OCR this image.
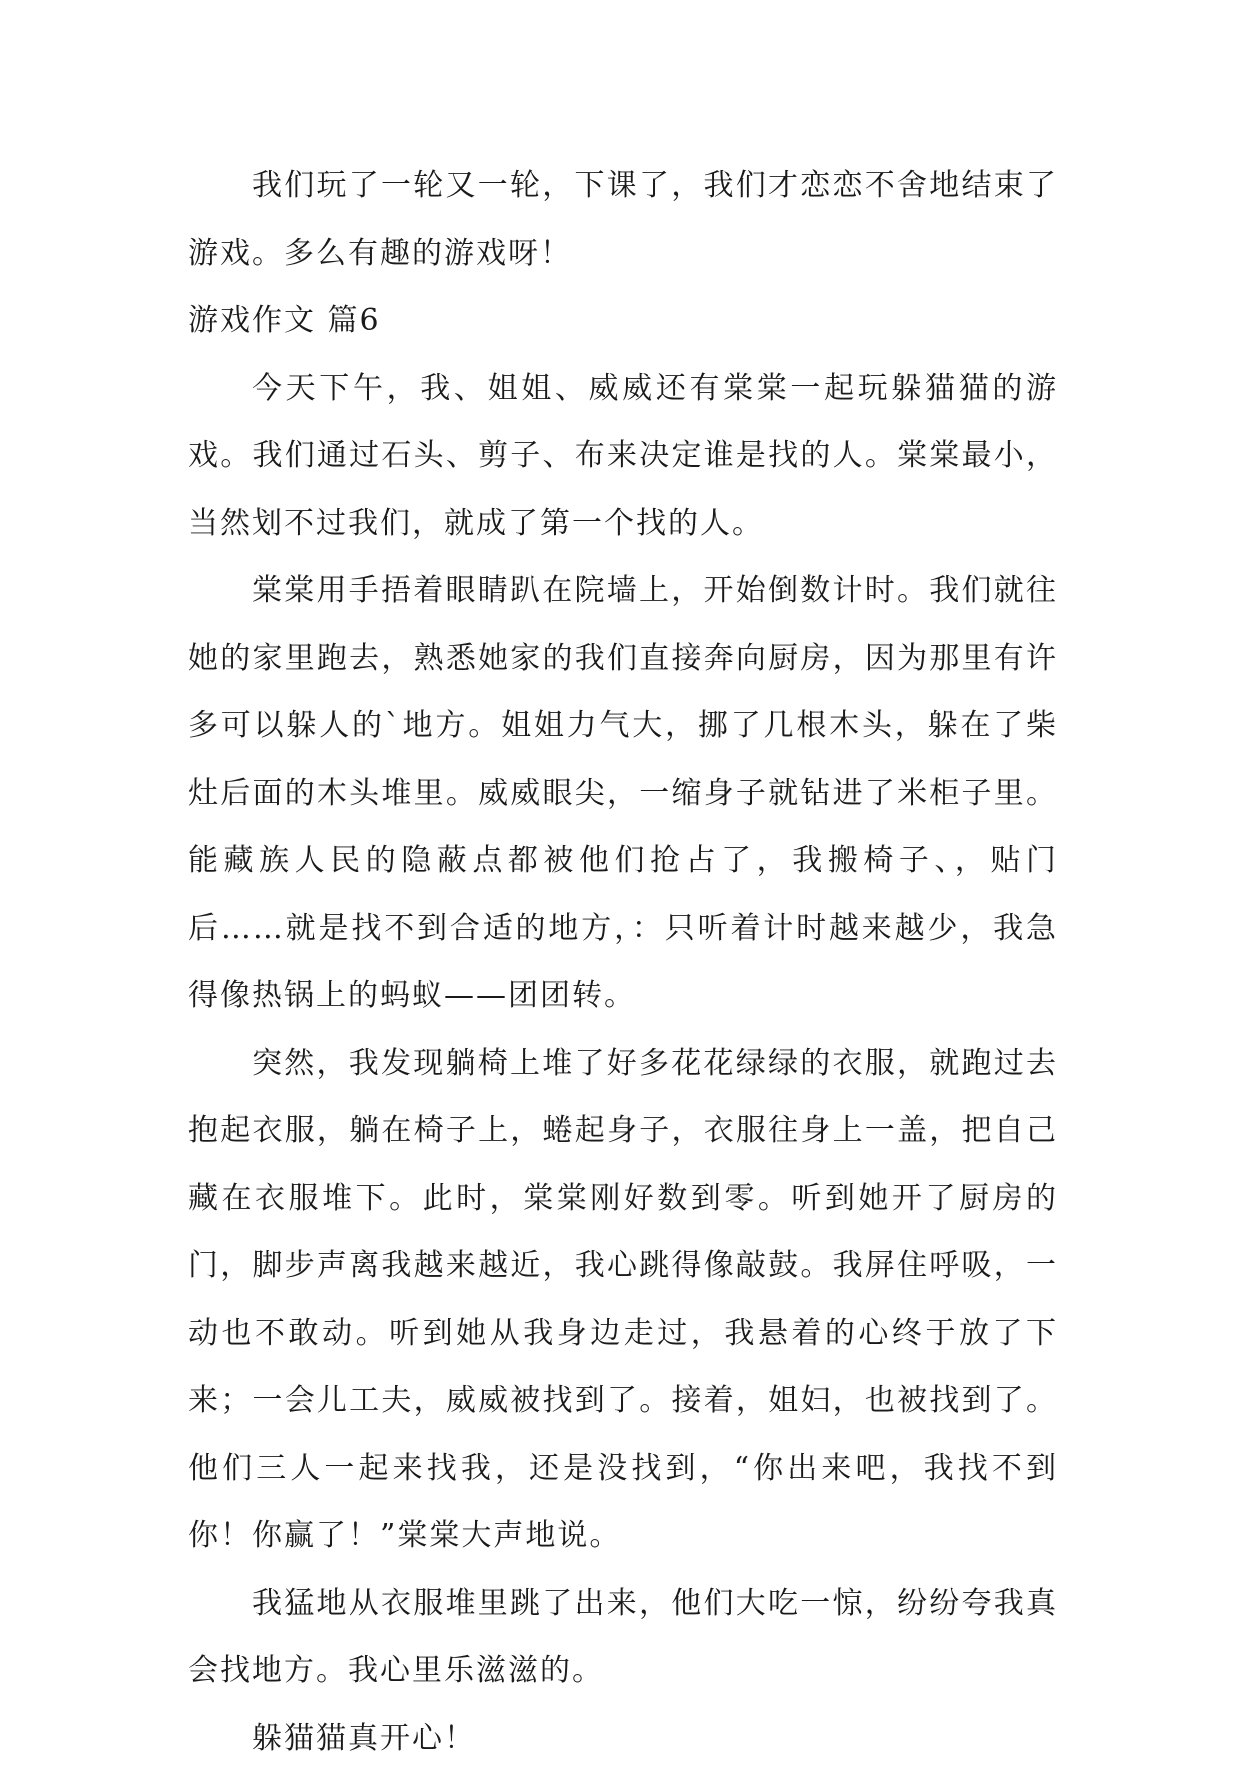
我们玩了一轮又一轮，下课了，我们才恋恋不舍地结束了游戏。多么有趣的游戏呀！

游戏作文 篇6

今天下午，我、姐姐、威威还有棠棠一起玩躲猫猫的游戏。我们通过石头、剪子、布来决定谁是找的人。棠棠最小，当然划不过我们，就成了第一个找的人。

棠棠用手捂着眼睛趴在院墙上，开始倒数计时。我们就往她的家里跑去，熟悉她家的我们直接奔向厨房，因为那里有许多可以躲人的`地方。姐姐力气大，挪了几根木头，躲在了柴灶后面的木头堆里。威威眼尖，一缩身子就钻进了米柜子里。能藏族人民的隐蔽点都被他们抢占了，我搬椅子、，贴门后……就是找不到合适的地方，：只听着计时越来越少，我急得像热锅上的蚂蚁——团团转。

突然，我发现躺椅上堆了好多花花绿绿的衣服，就跑过去抱起衣服，躺在椅子上，蜷起身子，衣服往身上一盖，把自己藏在衣服堆下。此时，棠棠刚好数到零。听到她开了厨房的门，脚步声离我越来越近，我心跳得像敲鼓。我屏住呼吸，一动也不敢动。听到她从我身边走过，我悬着的心终于放了下来；一会儿工夫，威威被找到了。接着，姐妇，也被找到了。他们三人一起来找我，还是没找到，“你出来吧，我找不到你！你赢了！”棠棠大声地说。

我猛地从衣服堆里跳了出来，他们大吃一惊，纷纷夸我真会找地方。我心里乐滋滋的。

躲猫猫真开心！
